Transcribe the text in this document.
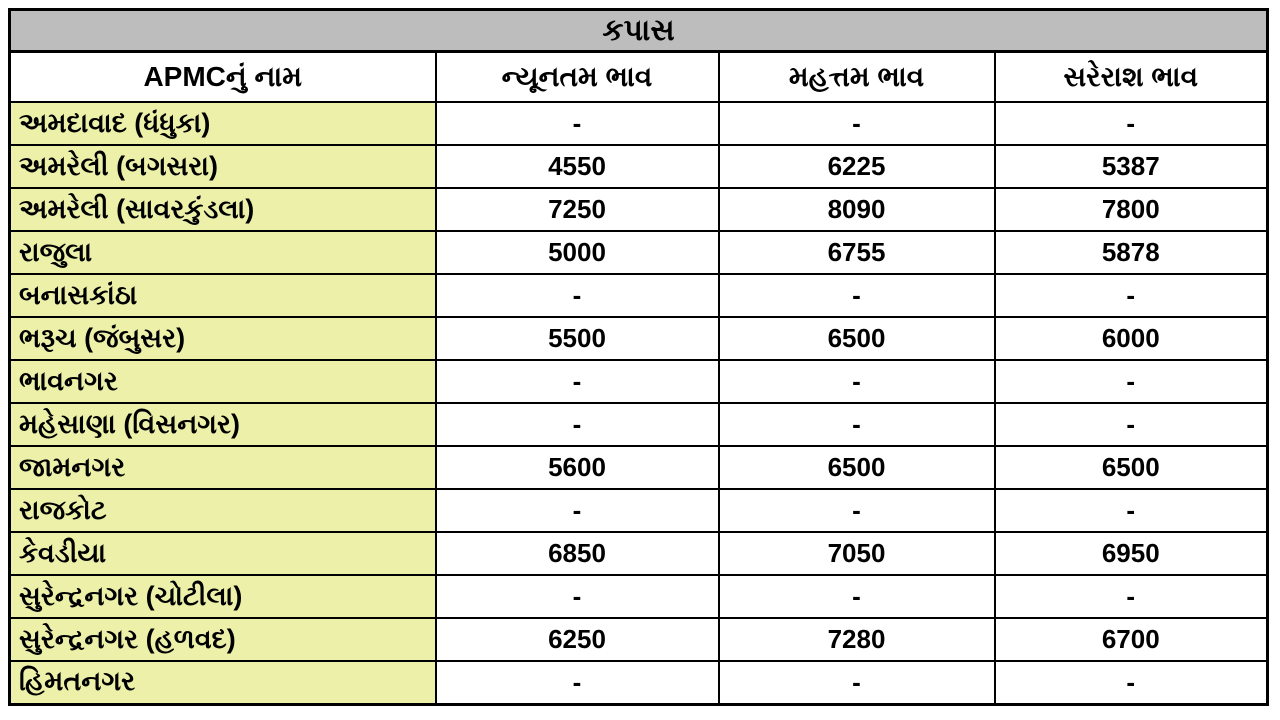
કપાસ			
APMCનું નામ	ન્યૂનતમ ભાવ	મહત્તમ ભાવ	સરેરાશ ભાવ
અમદાવાદ (ધંધુકા)	-	-	-
અમરેલી (બગસરા)	4550	6225	5387
અમરેલી (સાવરકુંડલા)	7250	8090	7800
રાજુલા	5000	6755	5878
બનાસકાંઠા	-	-	-
ભરૂચ (જંબુસર)	5500	6500	6000
ભાવનગર	-	-	-
મહેસાણા (વિસનગર)	-	-	-
જામનગર	5600	6500	6500
રાજકોટ	-	-	-
કેવડીયા	6850	7050	6950
સુરેન્દ્રનગર (ચોટીલા)	-	-	-
સુરેન્દ્રનગર (હળવદ)	6250	7280	6700
હિમતનગર	-	-	-
